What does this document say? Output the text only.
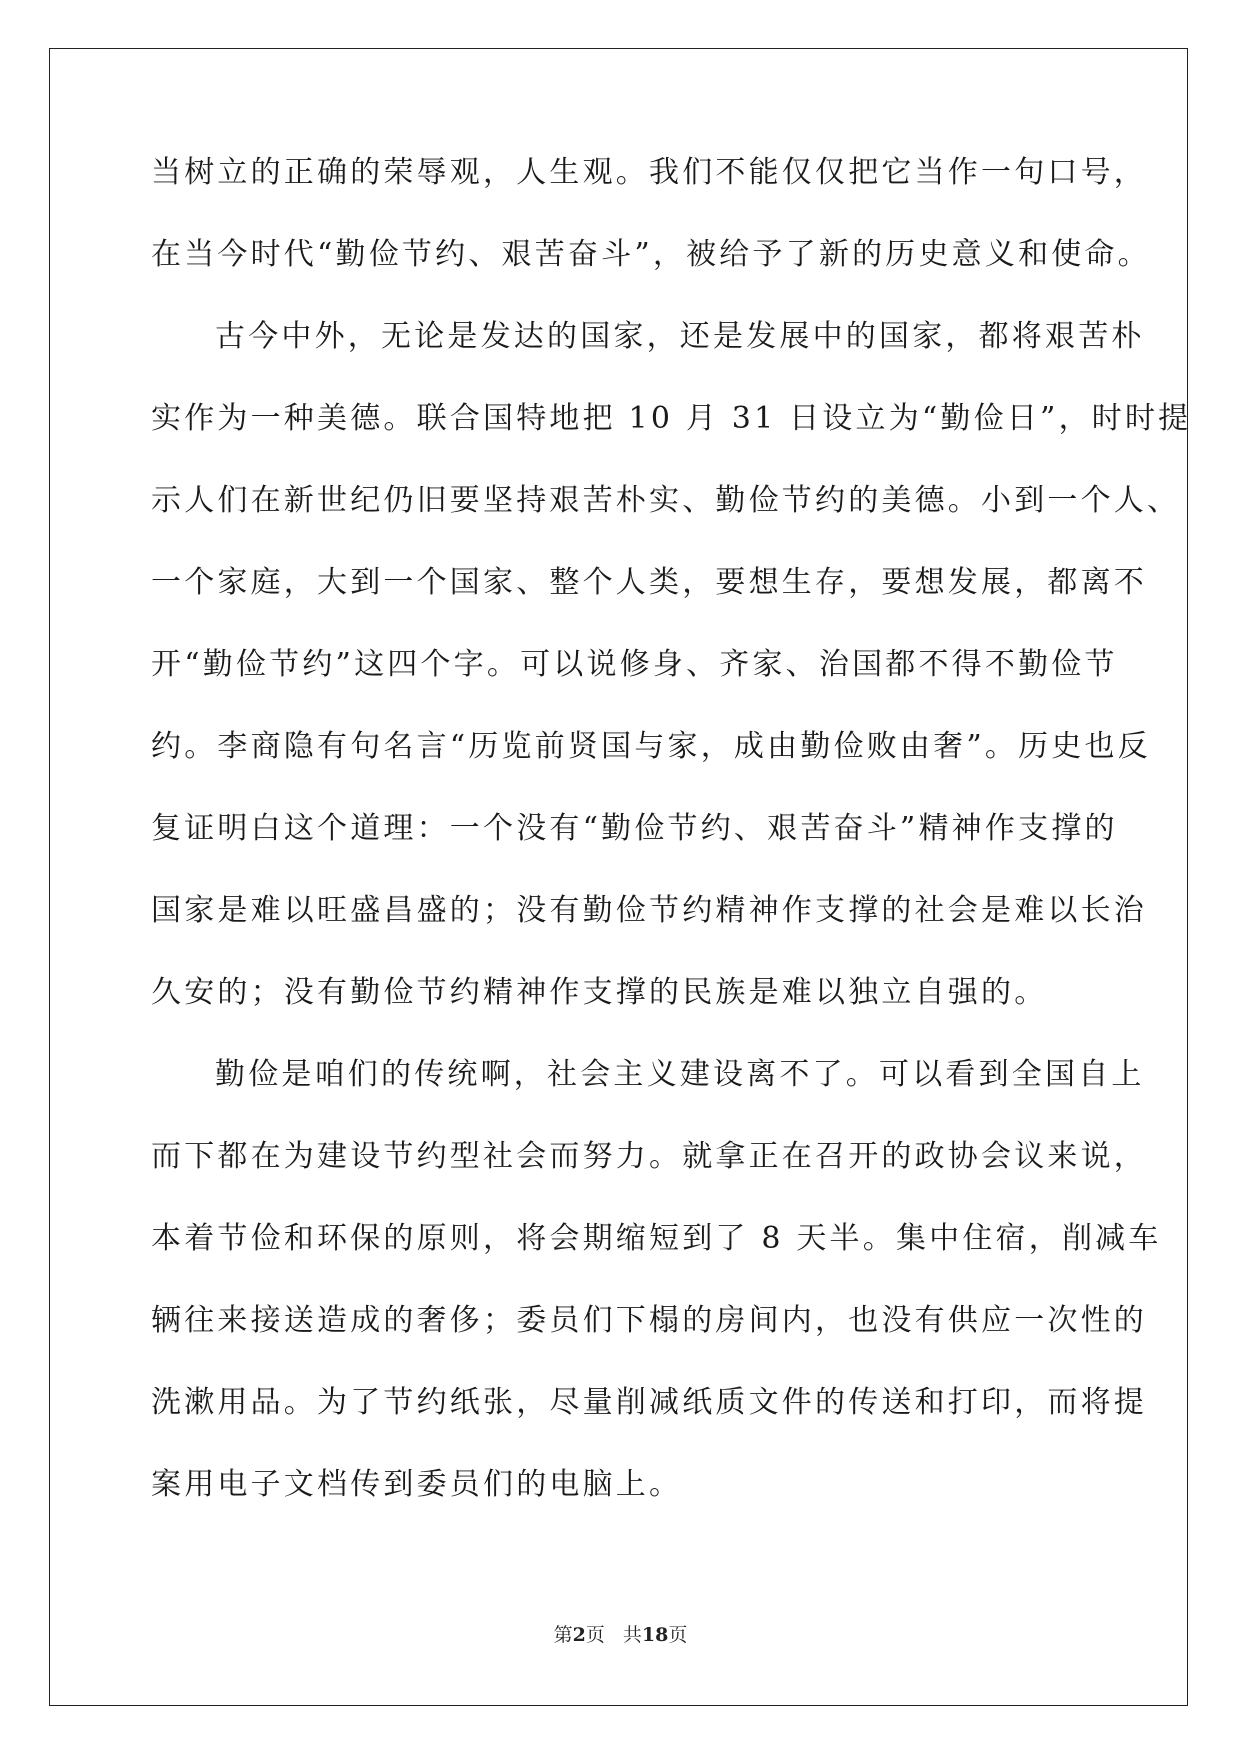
当树立的正确的荣辱观，人生观。我们不能仅仅把它当作一句口号，
在当今时代“勤俭节约、艰苦奋斗”，被给予了新的历史意义和使命。
古今中外，无论是发达的国家，还是发展中的国家，都将艰苦朴
实作为一种美德。联合国特地把 10 月 31 日设立为“勤俭日”，时时提
示人们在新世纪仍旧要坚持艰苦朴实、勤俭节约的美德。小到一个人、
一个家庭，大到一个国家、整个人类，要想生存，要想发展，都离不
开“勤俭节约”这四个字。可以说修身、齐家、治国都不得不勤俭节
约。李商隐有句名言“历览前贤国与家，成由勤俭败由奢”。历史也反
复证明白这个道理：一个没有“勤俭节约、艰苦奋斗”精神作支撑的
国家是难以旺盛昌盛的；没有勤俭节约精神作支撑的社会是难以长治
久安的；没有勤俭节约精神作支撑的民族是难以独立自强的。
勤俭是咱们的传统啊，社会主义建设离不了。可以看到全国自上
而下都在为建设节约型社会而努力。就拿正在召开的政协会议来说，
本着节俭和环保的原则，将会期缩短到了 8 天半。集中住宿，削减车
辆往来接送造成的奢侈；委员们下榻的房间内，也没有供应一次性的
洗漱用品。为了节约纸张，尽量削减纸质文件的传送和打印，而将提
案用电子文档传到委员们的电脑上。
第2页 共18页
